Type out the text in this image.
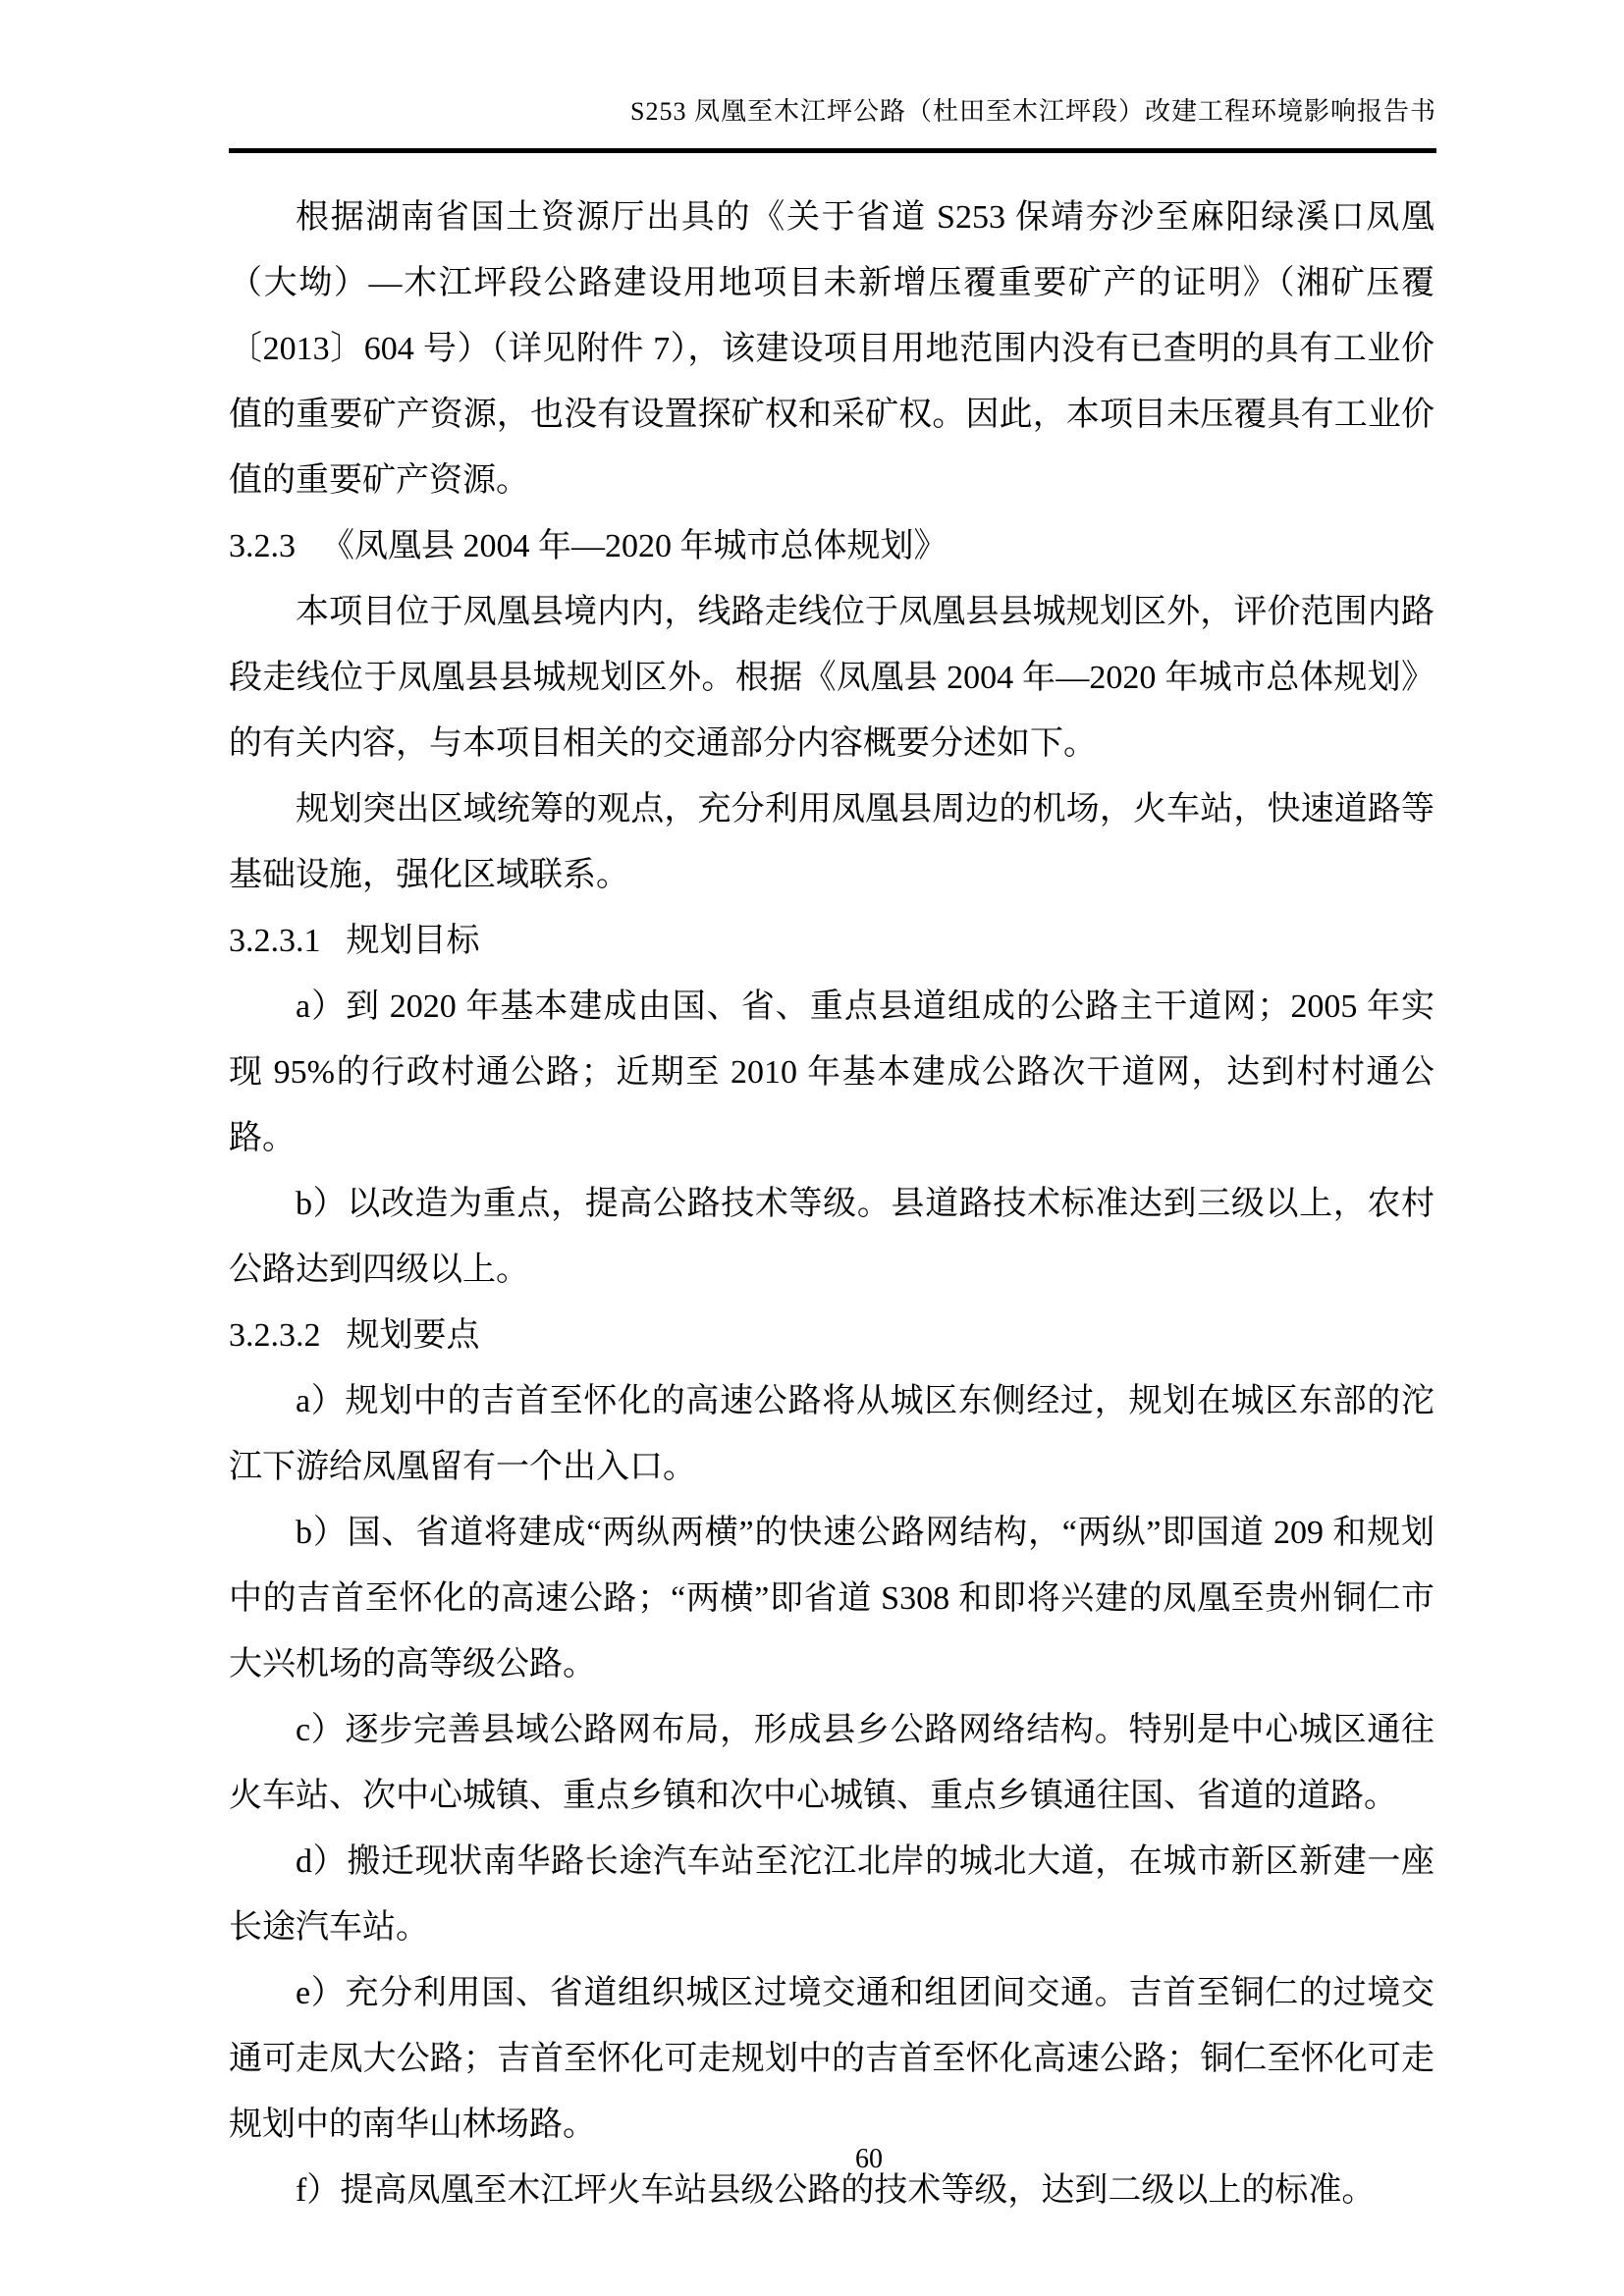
S253 凤凰至木江坪公路（杜田至木江坪段）改建工程环境影响报告书

根据湖南省国土资源厅出具的《关于省道 S253 保靖夯沙至麻阳绿溪口凤凰（大坳）—木江坪段公路建设用地项目未新增压覆重要矿产的证明》（湘矿压覆〔2013〕604 号）（详见附件 7），该建设项目用地范围内没有已查明的具有工业价值的重要矿产资源，也没有设置探矿权和采矿权。因此，本项目未压覆具有工业价值的重要矿产资源。

3.2.3 《凤凰县 2004 年—2020 年城市总体规划》

本项目位于凤凰县境内内，线路走线位于凤凰县县城规划区外，评价范围内路段走线位于凤凰县县城规划区外。根据《凤凰县 2004 年—2020 年城市总体规划》的有关内容，与本项目相关的交通部分内容概要分述如下。

规划突出区域统筹的观点，充分利用凤凰县周边的机场，火车站，快速道路等基础设施，强化区域联系。

3.2.3.1 规划目标

a）到 2020 年基本建成由国、省、重点县道组成的公路主干道网；2005 年实现 95%的行政村通公路；近期至 2010 年基本建成公路次干道网，达到村村通公路。

b）以改造为重点，提高公路技术等级。县道路技术标准达到三级以上，农村公路达到四级以上。

3.2.3.2 规划要点

a）规划中的吉首至怀化的高速公路将从城区东侧经过，规划在城区东部的沱江下游给凤凰留有一个出入口。

b）国、省道将建成“两纵两横”的快速公路网结构，“两纵”即国道 209 和规划中的吉首至怀化的高速公路；“两横”即省道 S308 和即将兴建的凤凰至贵州铜仁市大兴机场的高等级公路。

c）逐步完善县域公路网布局，形成县乡公路网络结构。特别是中心城区通往火车站、次中心城镇、重点乡镇和次中心城镇、重点乡镇通往国、省道的道路。

d）搬迁现状南华路长途汽车站至沱江北岸的城北大道，在城市新区新建一座长途汽车站。

e）充分利用国、省道组织城区过境交通和组团间交通。吉首至铜仁的过境交通可走凤大公路；吉首至怀化可走规划中的吉首至怀化高速公路；铜仁至怀化可走规划中的南华山林场路。

f）提高凤凰至木江坪火车站县级公路的技术等级，达到二级以上的标准。

60
